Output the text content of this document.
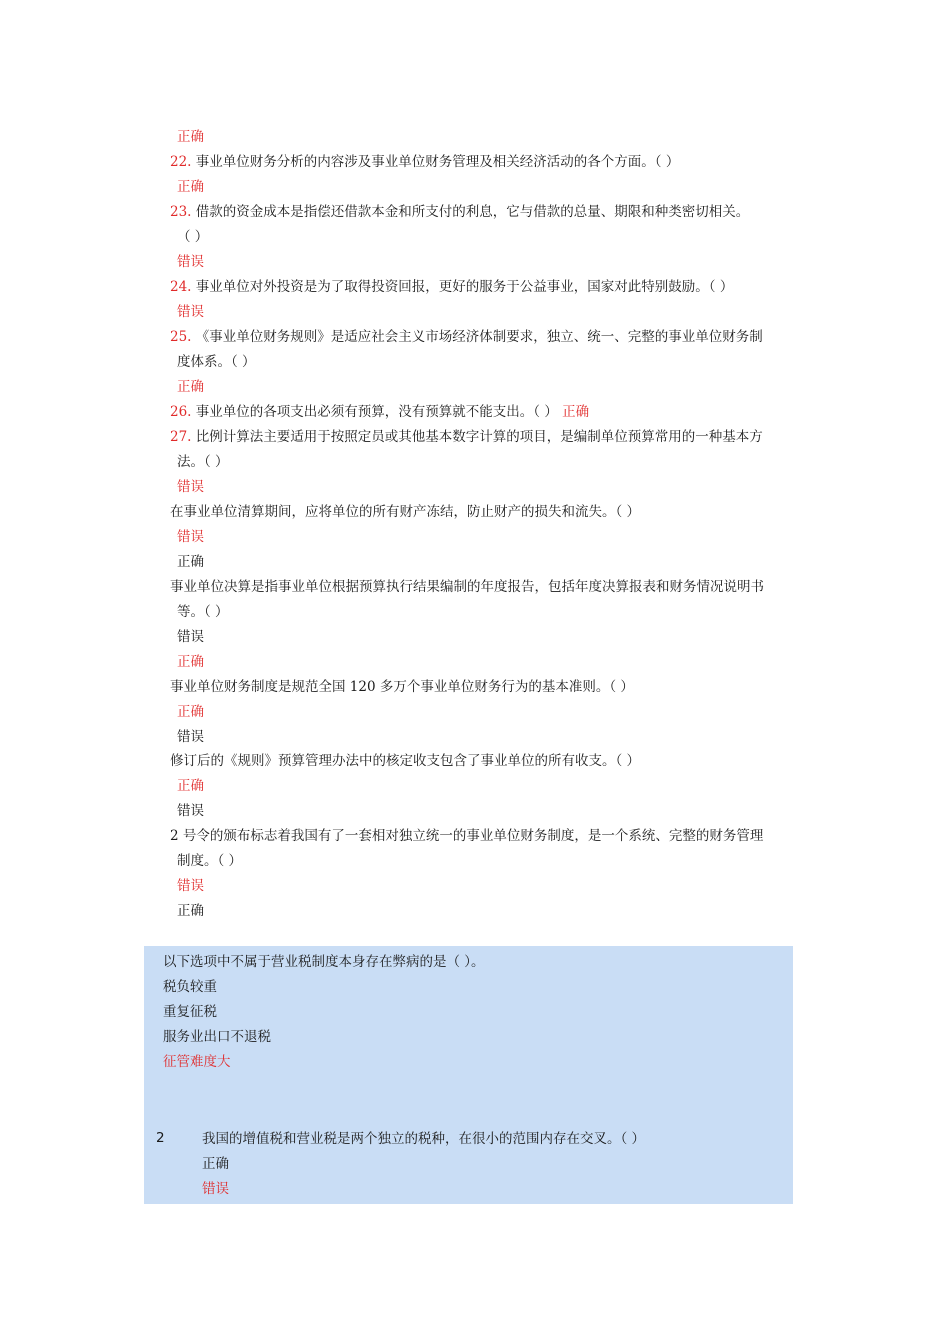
正确
22. 事业单位财务分析的内容涉及事业单位财务管理及相关经济活动的各个方面。（ ）
正确
23. 借款的资金成本是指偿还借款本金和所支付的利息，它与借款的总量、期限和种类密切相关。
（ ）
错误
24. 事业单位对外投资是为了取得投资回报，更好的服务于公益事业，国家对此特别鼓励。（ ）
错误
25. 《事业单位财务规则》是适应社会主义市场经济体制要求，独立、统一、完整的事业单位财务制
度体系。（ ）
正确
26. 事业单位的各项支出必须有预算，没有预算就不能支出。（ ） 正确
27. 比例计算法主要适用于按照定员或其他基本数字计算的项目，是编制单位预算常用的一种基本方
法。（ ）
错误
在事业单位清算期间，应将单位的所有财产冻结，防止财产的损失和流失。（ ）
错误
正确
事业单位决算是指事业单位根据预算执行结果编制的年度报告，包括年度决算报表和财务情况说明书
等。（ ）
错误
正确
事业单位财务制度是规范全国 120 多万个事业单位财务行为的基本准则。（ ）
正确
错误
修订后的《规则》预算管理办法中的核定收支包含了事业单位的所有收支。（ ）
正确
错误
2 号令的颁布标志着我国有了一套相对独立统一的事业单位财务制度，是一个系统、完整的财务管理
制度。（ ）
错误
正确
以下选项中不属于营业税制度本身存在弊病的是（ ）。
税负较重
重复征税
服务业出口不退税
征管难度大
2	我国的增值税和营业税是两个独立的税种，在很小的范围内存在交叉。（ ）
正确
错误
